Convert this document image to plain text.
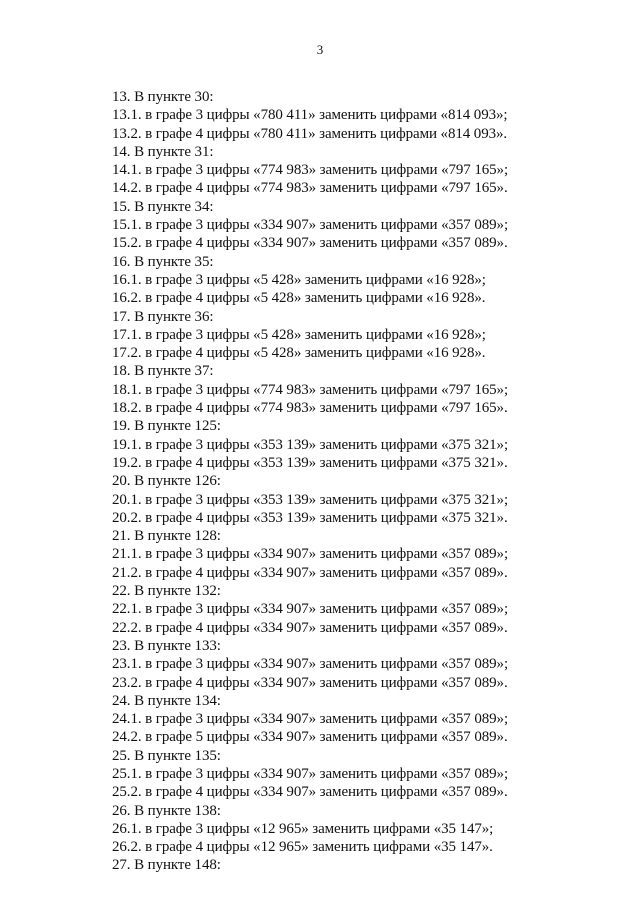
3
13. В пункте 30:
13.1. в графе 3 цифры «780 411» заменить цифрами «814 093»;
13.2. в графе 4 цифры «780 411» заменить цифрами «814 093».
14. В пункте 31:
14.1. в графе 3 цифры «774 983» заменить цифрами «797 165»;
14.2. в графе 4 цифры «774 983» заменить цифрами «797 165».
15. В пункте 34:
15.1. в графе 3 цифры «334 907» заменить цифрами «357 089»;
15.2. в графе 4 цифры «334 907» заменить цифрами «357 089».
16. В пункте 35:
16.1. в графе 3 цифры «5 428» заменить цифрами «16 928»;
16.2. в графе 4 цифры «5 428» заменить цифрами «16 928».
17. В пункте 36:
17.1. в графе 3 цифры «5 428» заменить цифрами «16 928»;
17.2. в графе 4 цифры «5 428» заменить цифрами «16 928».
18. В пункте 37:
18.1. в графе 3 цифры «774 983» заменить цифрами «797 165»;
18.2. в графе 4 цифры «774 983» заменить цифрами «797 165».
19. В пункте 125:
19.1. в графе 3 цифры «353 139» заменить цифрами «375 321»;
19.2. в графе 4 цифры «353 139» заменить цифрами «375 321».
20. В пункте 126:
20.1. в графе 3 цифры «353 139» заменить цифрами «375 321»;
20.2. в графе 4 цифры «353 139» заменить цифрами «375 321».
21. В пункте 128:
21.1. в графе 3 цифры «334 907» заменить цифрами «357 089»;
21.2. в графе 4 цифры «334 907» заменить цифрами «357 089».
22. В пункте 132:
22.1. в графе 3 цифры «334 907» заменить цифрами «357 089»;
22.2. в графе 4 цифры «334 907» заменить цифрами «357 089».
23. В пункте 133:
23.1. в графе 3 цифры «334 907» заменить цифрами «357 089»;
23.2. в графе 4 цифры «334 907» заменить цифрами «357 089».
24. В пункте 134:
24.1. в графе 3 цифры «334 907» заменить цифрами «357 089»;
24.2. в графе 5 цифры «334 907» заменить цифрами «357 089».
25. В пункте 135:
25.1. в графе 3 цифры «334 907» заменить цифрами «357 089»;
25.2. в графе 4 цифры «334 907» заменить цифрами «357 089».
26. В пункте 138:
26.1. в графе 3 цифры «12 965» заменить цифрами «35 147»;
26.2. в графе 4 цифры «12 965» заменить цифрами «35 147».
27. В пункте 148:
